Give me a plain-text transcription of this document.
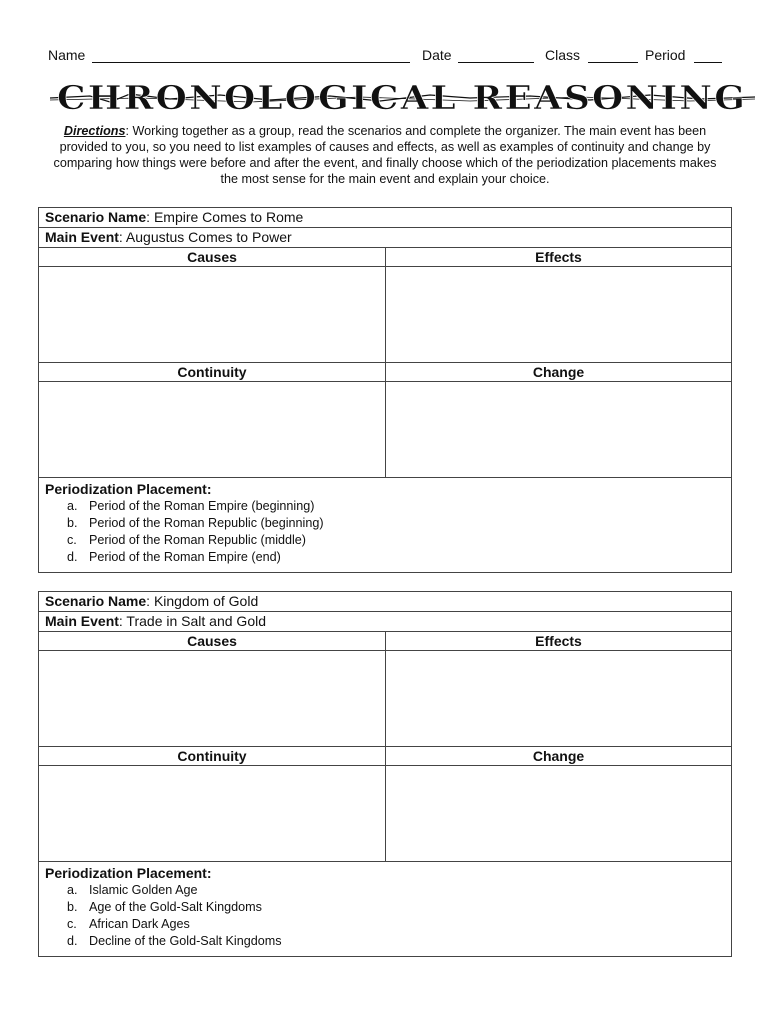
Name	Date	Class	Period
CHRONOLOGICAL REASONING
Directions: Working together as a group, read the scenarios and complete the organizer. The main event has been provided to you, so you need to list examples of causes and effects, as well as examples of continuity and change by comparing how things were before and after the event, and finally choose which of the periodization placements makes the most sense for the main event and explain your choice.
Scenario Name: Empire Comes to Rome
Main Event: Augustus Comes to Power
Causes	Effects
Continuity	Change
Periodization Placement:
a. Period of the Roman Empire (beginning)
b. Period of the Roman Republic (beginning)
c. Period of the Roman Republic (middle)
d. Period of the Roman Empire (end)
Scenario Name: Kingdom of Gold
Main Event: Trade in Salt and Gold
Causes	Effects
Continuity	Change
Periodization Placement:
a. Islamic Golden Age
b. Age of the Gold-Salt Kingdoms
c. African Dark Ages
d. Decline of the Gold-Salt Kingdoms
